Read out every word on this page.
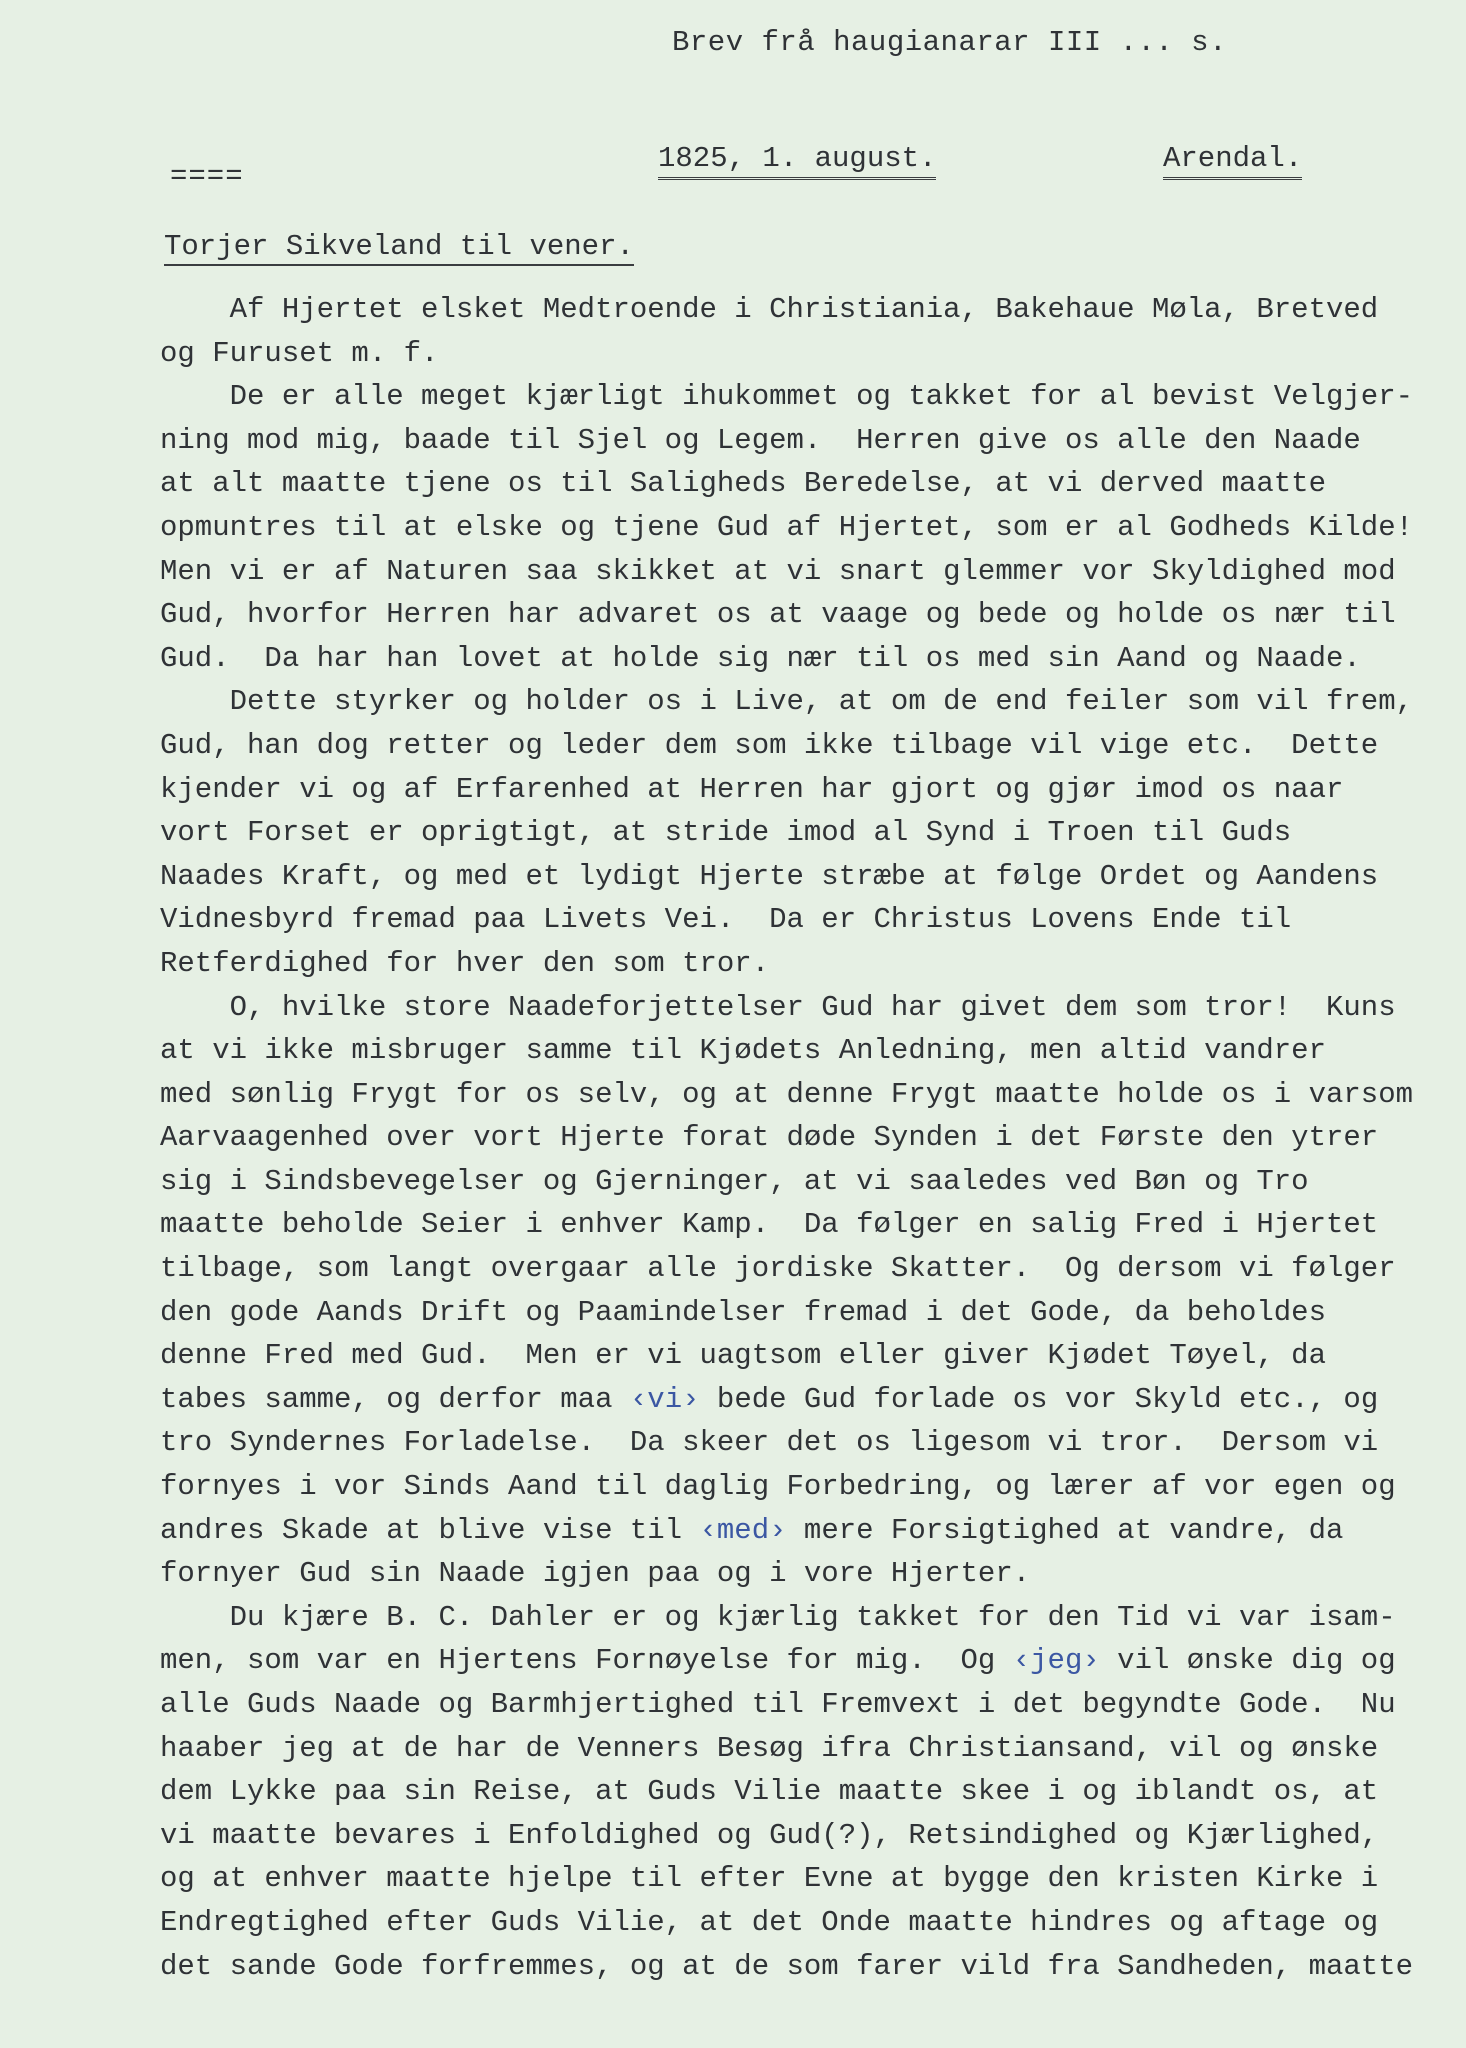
Brev frå haugianarar III ... s.
====
1825, 1. august.	Arendal.
Torjer Sikveland til vener.
Af Hjertet elsket Medtroende i Christiania, Bakehaue Møla, Bretved
og Furuset m. f.
De er alle meget kjærligt ihukommet og takket for al bevist Velgjer-
ning mod mig, baade til Sjel og Legem.  Herren give os alle den Naade
at alt maatte tjene os til Saligheds Beredelse, at vi derved maatte
opmuntres til at elske og tjene Gud af Hjertet, som er al Godheds Kilde!
Men vi er af Naturen saa skikket at vi snart glemmer vor Skyldighed mod
Gud, hvorfor Herren har advaret os at vaage og bede og holde os nær til
Gud.  Da har han lovet at holde sig nær til os med sin Aand og Naade.
Dette styrker og holder os i Live, at om de end feiler som vil frem,
Gud, han dog retter og leder dem som ikke tilbage vil vige etc.  Dette
kjender vi og af Erfarenhed at Herren har gjort og gjør imod os naar
vort Forset er oprigtigt, at stride imod al Synd i Troen til Guds
Naades Kraft, og med et lydigt Hjerte stræbe at følge Ordet og Aandens
Vidnesbyrd fremad paa Livets Vei.  Da er Christus Lovens Ende til
Retferdighed for hver den som tror.
O, hvilke store Naadeforjettelser Gud har givet dem som tror!  Kuns
at vi ikke misbruger samme til Kjødets Anledning, men altid vandrer
med sønlig Frygt for os selv, og at denne Frygt maatte holde os i varsom
Aarvaagenhed over vort Hjerte forat døde Synden i det Første den ytrer
sig i Sindsbevegelser og Gjerninger, at vi saaledes ved Bøn og Tro
maatte beholde Seier i enhver Kamp.  Da følger en salig Fred i Hjertet
tilbage, som langt overgaar alle jordiske Skatter.  Og dersom vi følger
den gode Aands Drift og Paamindelser fremad i det Gode, da beholdes
denne Fred med Gud.  Men er vi uagtsom eller giver Kjødet Tøyel, da
tabes samme, og derfor maa ‹vi› bede Gud forlade os vor Skyld etc., og
tro Syndernes Forladelse.  Da skeer det os ligesom vi tror.  Dersom vi
fornyes i vor Sinds Aand til daglig Forbedring, og lærer af vor egen og
andres Skade at blive vise til ‹med› mere Forsigtighed at vandre, da
fornyer Gud sin Naade igjen paa og i vore Hjerter.
Du kjære B. C. Dahler er og kjærlig takket for den Tid vi var isam-
men, som var en Hjertens Fornøyelse for mig.  Og ‹jeg› vil ønske dig og
alle Guds Naade og Barmhjertighed til Fremvext i det begyndte Gode.  Nu
haaber jeg at de har de Venners Besøg ifra Christiansand, vil og ønske
dem Lykke paa sin Reise, at Guds Vilie maatte skee i og iblandt os, at
vi maatte bevares i Enfoldighed og Gud(?), Retsindighed og Kjærlighed,
og at enhver maatte hjelpe til efter Evne at bygge den kristen Kirke i
Endregtighed efter Guds Vilie, at det Onde maatte hindres og aftage og
det sande Gode forfremmes, og at de som farer vild fra Sandheden, maatte
